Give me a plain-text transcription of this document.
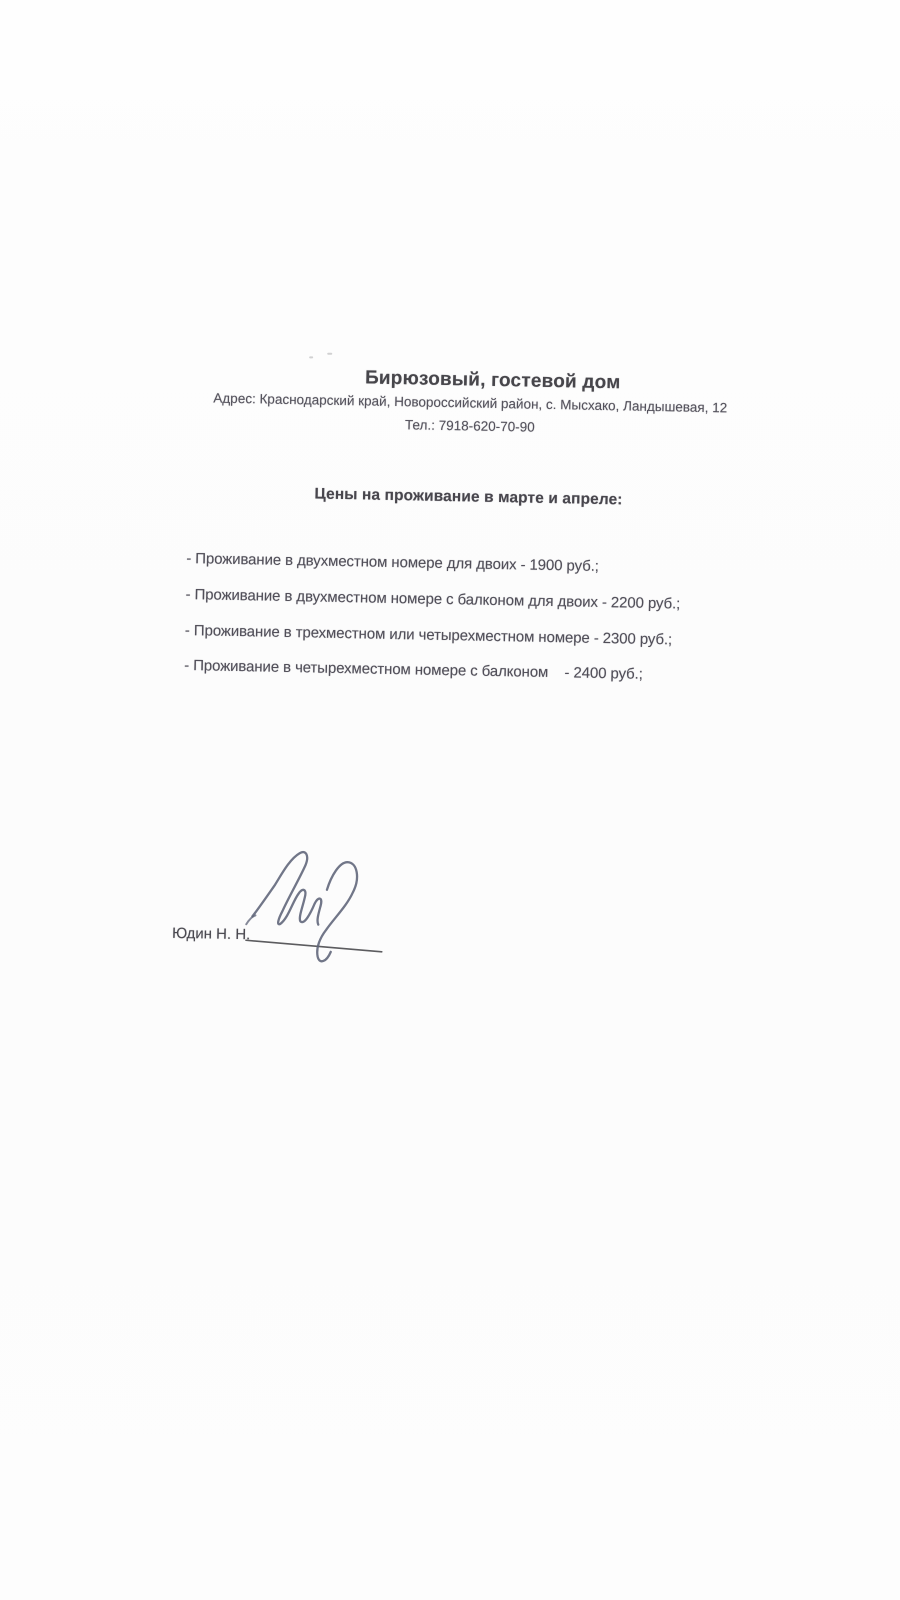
Бирюзовый, гостевой дом
Адрес: Краснодарский край, Новороссийский район, с. Мысхако, Ландышевая, 12
Тел.: 7918-620-70-90
Цены на проживание в марте и апреле:
- Проживание в двухместном номере для двоих - 1900 руб.;
- Проживание в двухместном номере с балконом для двоих - 2200 руб.;
- Проживание в трехместном или четырехместном номере - 2300 руб.;
- Проживание в четырехместном номере с балконом    - 2400 руб.;
Юдин Н. Н.
